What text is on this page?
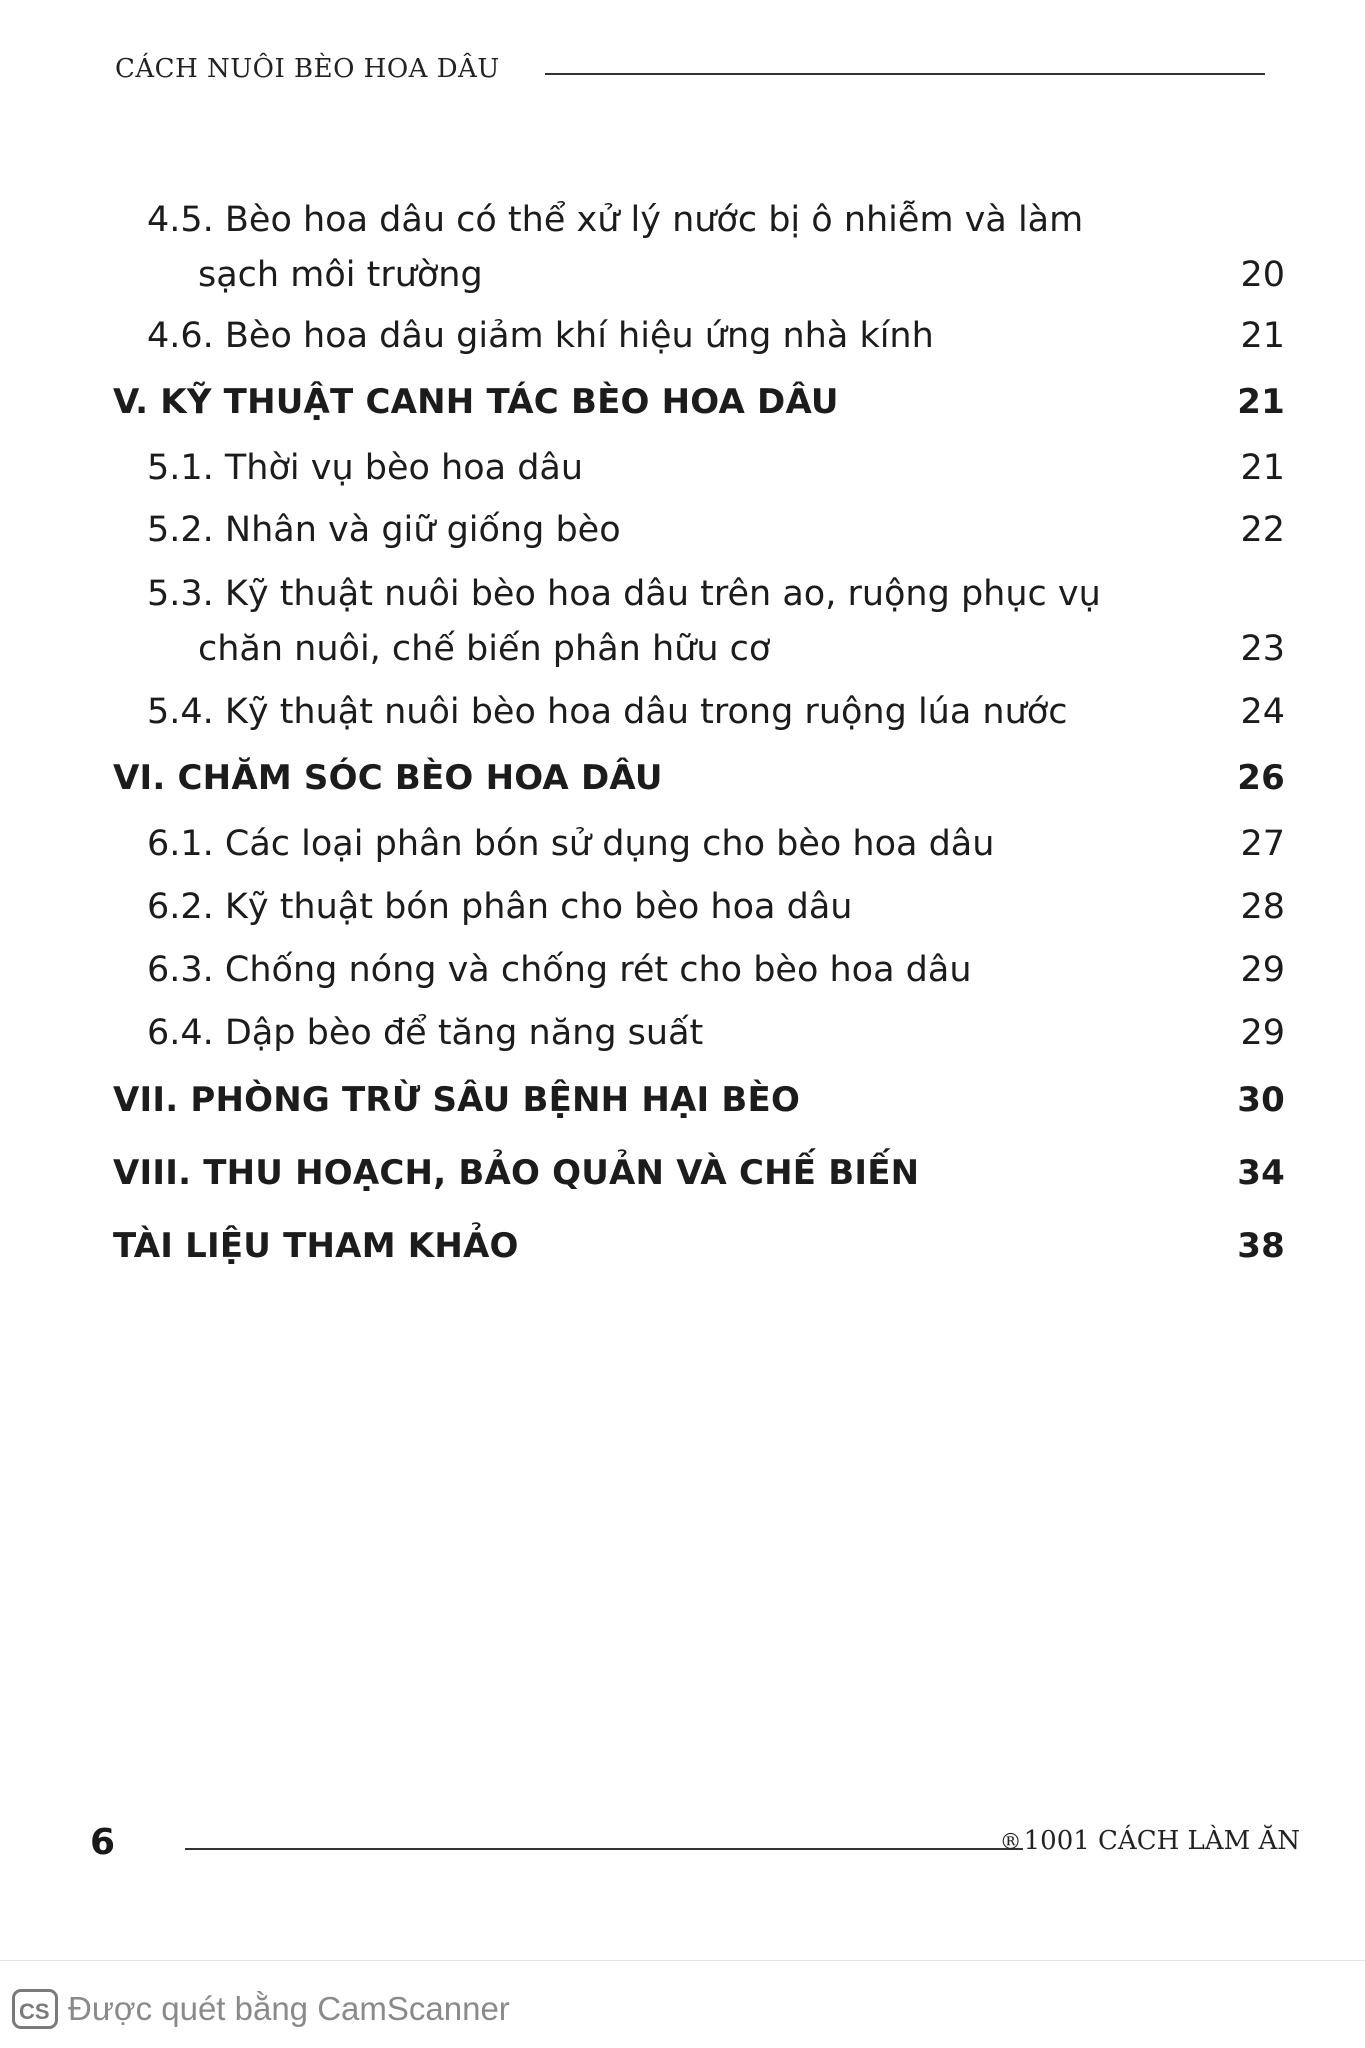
CÁCH NUÔI BÈO HOA DÂU
4.5. Bèo hoa dâu có thể xử lý nước bị ô nhiễm và làm
sạch môi trường	20
4.6. Bèo hoa dâu giảm khí hiệu ứng nhà kính	21
V. KỸ THUẬT CANH TÁC BÈO HOA DÂU	21
5.1. Thời vụ bèo hoa dâu	21
5.2. Nhân và giữ giống bèo	22
5.3. Kỹ thuật nuôi bèo hoa dâu trên ao, ruộng phục vụ
chăn nuôi, chế biến phân hữu cơ	23
5.4. Kỹ thuật nuôi bèo hoa dâu trong ruộng lúa nước	24
VI. CHĂM SÓC BÈO HOA DÂU	26
6.1. Các loại phân bón sử dụng cho bèo hoa dâu	27
6.2. Kỹ thuật bón phân cho bèo hoa dâu	28
6.3. Chống nóng và chống rét cho bèo hoa dâu	29
6.4. Dập bèo để tăng năng suất	29
VII. PHÒNG TRỪ SÂU BỆNH HẠI BÈO	30
VIII. THU HOẠCH, BẢO QUẢN VÀ CHẾ BIẾN	34
TÀI LIỆU THAM KHẢO	38
6	®1001 CÁCH LÀM ĂN
CS Được quét bằng CamScanner
